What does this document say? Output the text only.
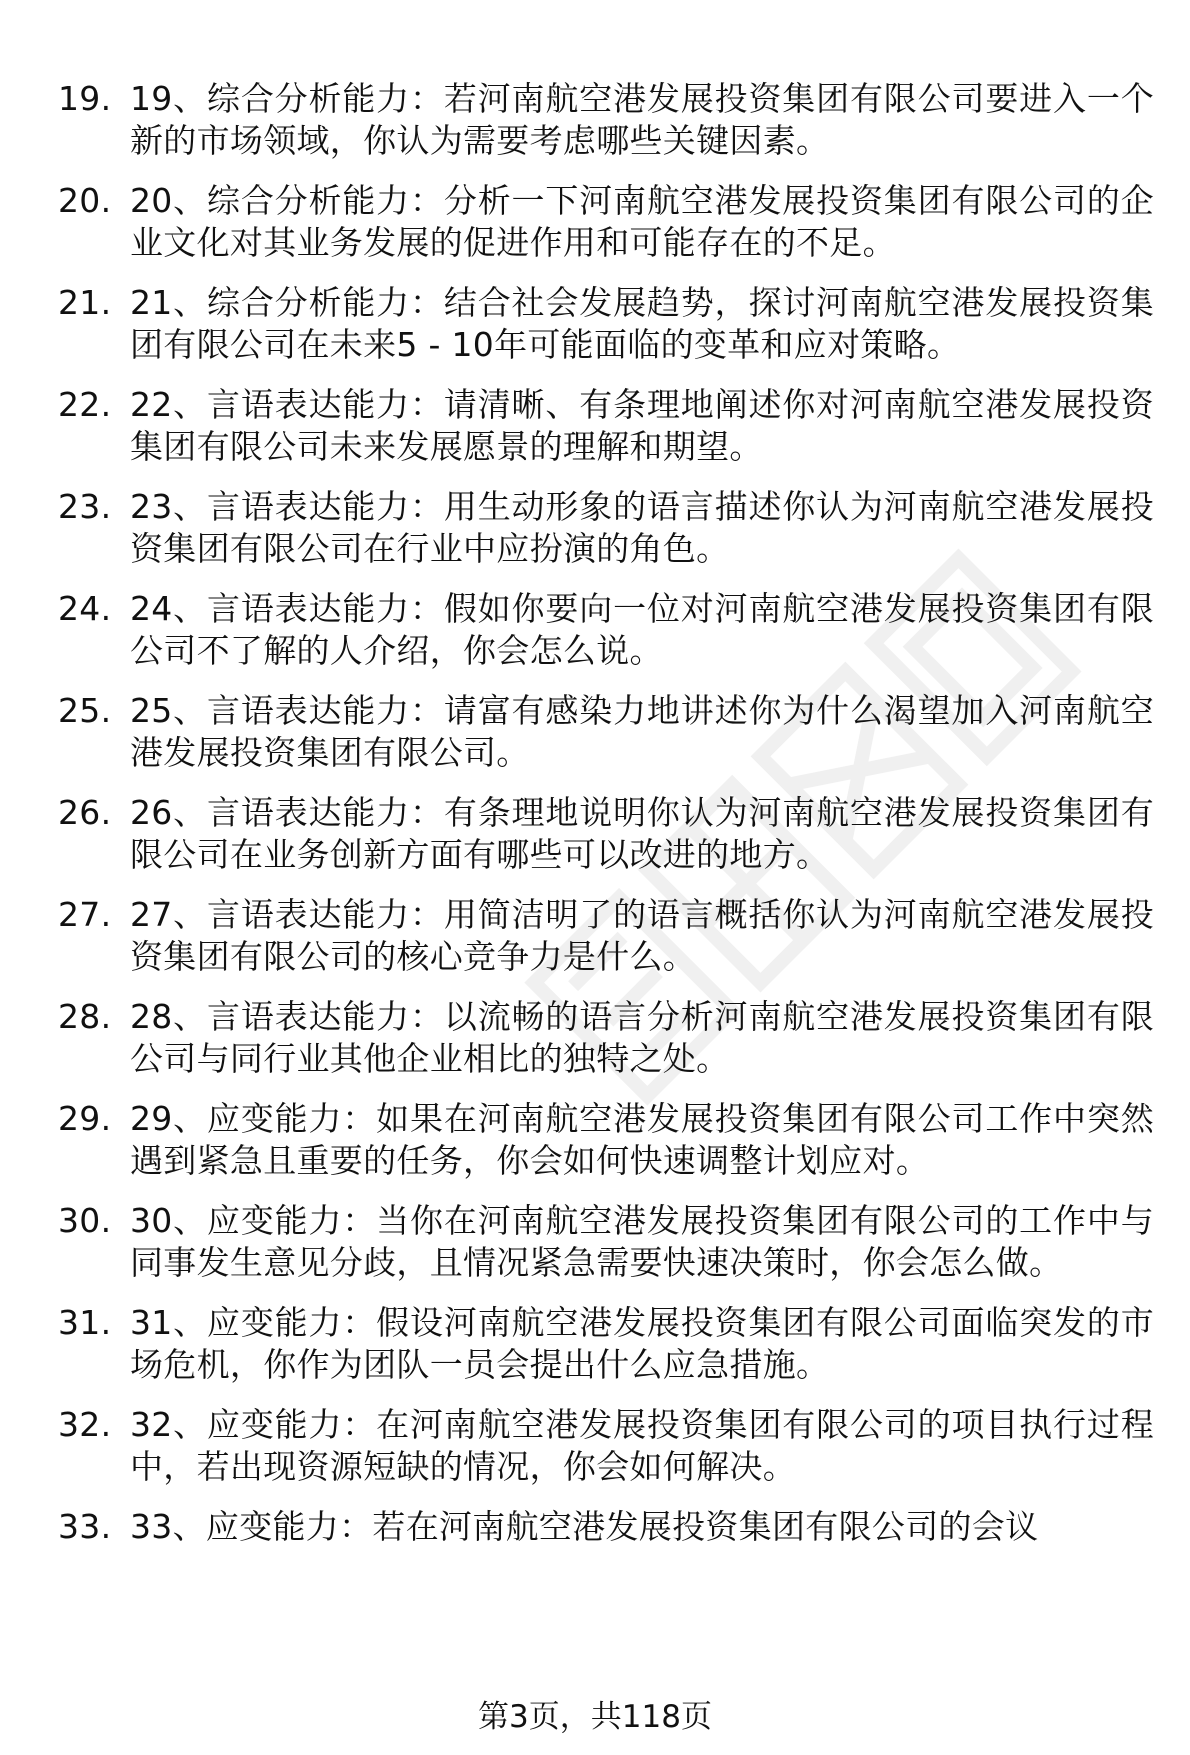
19. 19、综合分析能力：若河南航空港发展投资集团有限公司要进入一个新的市场领域，你认为需要考虑哪些关键因素。
20. 20、综合分析能力：分析一下河南航空港发展投资集团有限公司的企业文化对其业务发展的促进作用和可能存在的不足。
21. 21、综合分析能力：结合社会发展趋势，探讨河南航空港发展投资集团有限公司在未来5 - 10年可能面临的变革和应对策略。
22. 22、言语表达能力：请清晰、有条理地阐述你对河南航空港发展投资集团有限公司未来发展愿景的理解和期望。
23. 23、言语表达能力：用生动形象的语言描述你认为河南航空港发展投资集团有限公司在行业中应扮演的角色。
24. 24、言语表达能力：假如你要向一位对河南航空港发展投资集团有限公司不了解的人介绍，你会怎么说。
25. 25、言语表达能力：请富有感染力地讲述你为什么渴望加入河南航空港发展投资集团有限公司。
26. 26、言语表达能力：有条理地说明你认为河南航空港发展投资集团有限公司在业务创新方面有哪些可以改进的地方。
27. 27、言语表达能力：用简洁明了的语言概括你认为河南航空港发展投资集团有限公司的核心竞争力是什么。
28. 28、言语表达能力：以流畅的语言分析河南航空港发展投资集团有限公司与同行业其他企业相比的独特之处。
29. 29、应变能力：如果在河南航空港发展投资集团有限公司工作中突然遇到紧急且重要的任务，你会如何快速调整计划应对。
30. 30、应变能力：当你在河南航空港发展投资集团有限公司的工作中与同事发生意见分歧，且情况紧急需要快速决策时，你会怎么做。
31. 31、应变能力：假设河南航空港发展投资集团有限公司面临突发的市场危机，你作为团队一员会提出什么应急措施。
32. 32、应变能力：在河南航空港发展投资集团有限公司的项目执行过程中，若出现资源短缺的情况，你会如何解决。
33. 33、应变能力：若在河南航空港发展投资集团有限公司的会议
第3页，共118页
